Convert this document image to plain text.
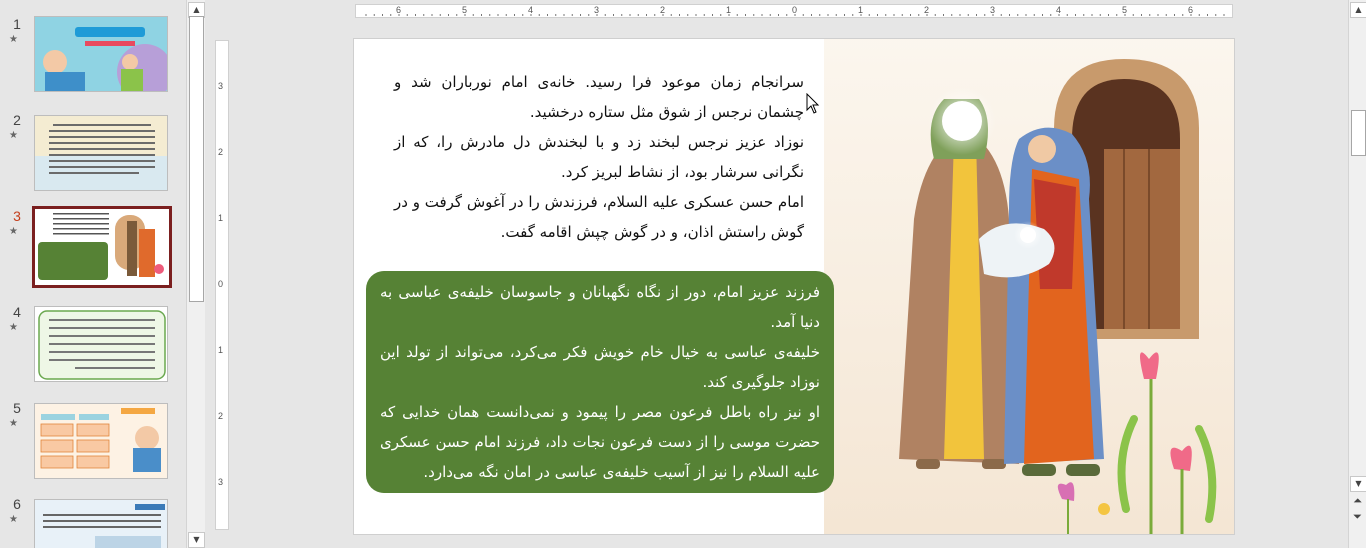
1
★
2
★
3
★
4
★
5
★
6
★
▲
▼
6	5	4	3	2	1	0	1	2	3	4	5	6
3
2
1
0
1
2
3
سرانجام زمان موعود فرا رسید. خانه‌ی امام نورباران شد و چشمان نرجس از شوق مثل ستاره درخشید.
نوزاد عزیز نرجس لبخند زد و با لبخندش دل مادرش را، که از نگرانی سرشار بود، از نشاط لبریز کرد.
امام حسن عسکری علیه السلام، فرزندش را در آغوش گرفت و در گوش راستش اذان، و در گوش چپش اقامه گفت.
فرزند عزیز امام، دور از نگاه نگهبانان و جاسوسان خلیفه‌ی عباسی به دنیا آمد.
خلیفه‌ی عباسی به خیال خام خویش فکر می‌کرد، می‌تواند از تولد این نوزاد جلوگیری کند.
او نیز راه باطل فرعون مصر را پیمود و نمی‌دانست همان خدایی که حضرت موسی را از دست فرعون نجات داد، فرزند امام حسن عسکری علیه السلام را نیز از آسیب خلیفه‌ی عباسی در امان نگه می‌دارد.
▲
▼
⏶
⏷
